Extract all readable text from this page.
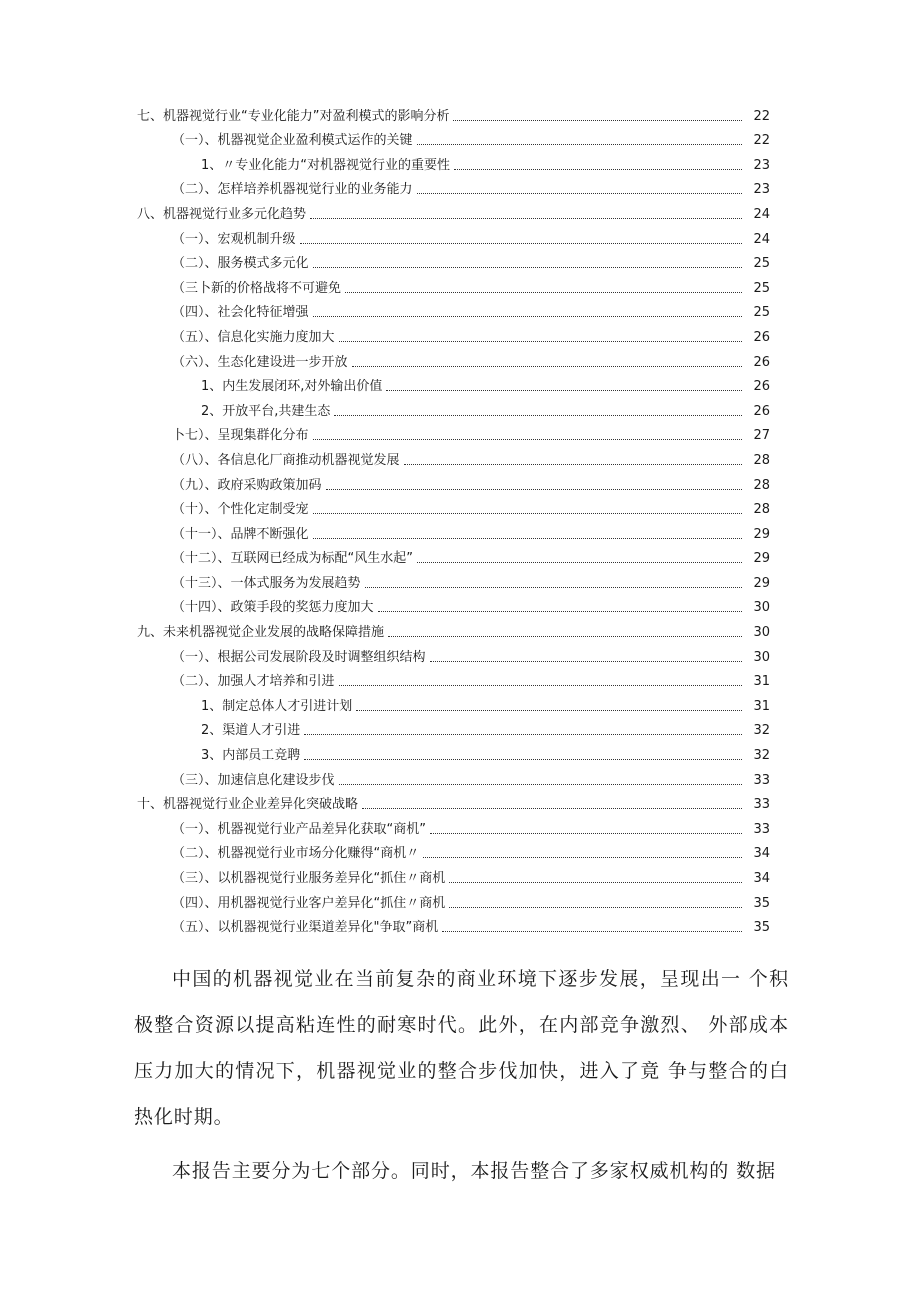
七、机器视觉行业“专业化能力”对盈利模式的影响分析	22
（一）、机器视觉企业盈利模式运作的关键	22
1、〃专业化能力“对机器视觉行业的重要性	23
（二）、怎样培养机器视觉行业的业务能力	23
八、机器视觉行业多元化趋势	24
（一）、宏观机制升级	24
（二）、服务模式多元化	25
（三卜新的价格战将不可避免	25
（四）、社会化特征增强	25
（五）、信息化实施力度加大	26
（六）、生态化建设进一步开放	26
1、内生发展闭环,对外输出价值	26
2、开放平台,共建生态	26
卜七）、呈现集群化分布	27
（八）、各信息化厂商推动机器视觉发展	28
（九）、政府采购政策加码	28
（十）、个性化定制受宠	28
（十一）、品牌不断强化	29
（十二）、互联网已经成为标配“风生水起”	29
（十三）、一体式服务为发展趋势	29
（十四）、政策手段的奖惩力度加大	30
九、未来机器视觉企业发展的战略保障措施	30
（一）、根据公司发展阶段及时调整组织结构	30
（二）、加强人才培养和引进	31
1、制定总体人才引进计划	31
2、渠道人才引进	32
3、内部员工竞聘	32
（三）、加速信息化建设步伐	33
十、机器视觉行业企业差异化突破战略	33
（一）、机器视觉行业产品差异化获取“商机”	33
（二）、机器视觉行业市场分化赚得“商机〃	34
（三）、以机器视觉行业服务差异化“抓住〃商机	34
（四）、用机器视觉行业客户差异化“抓住〃商机	35
（五）、以机器视觉行业渠道差异化"争取”商机	35

中国的机器视觉业在当前复杂的商业环境下逐步发展，呈现出一 个积极整合资源以提高粘连性的耐寒时代。此外，在内部竞争激烈、 外部成本压力加大的情况下，机器视觉业的整合步伐加快，进入了竟 争与整合的白热化时期。

本报告主要分为七个部分。同时，本报告整合了多家权威机构的 数据
